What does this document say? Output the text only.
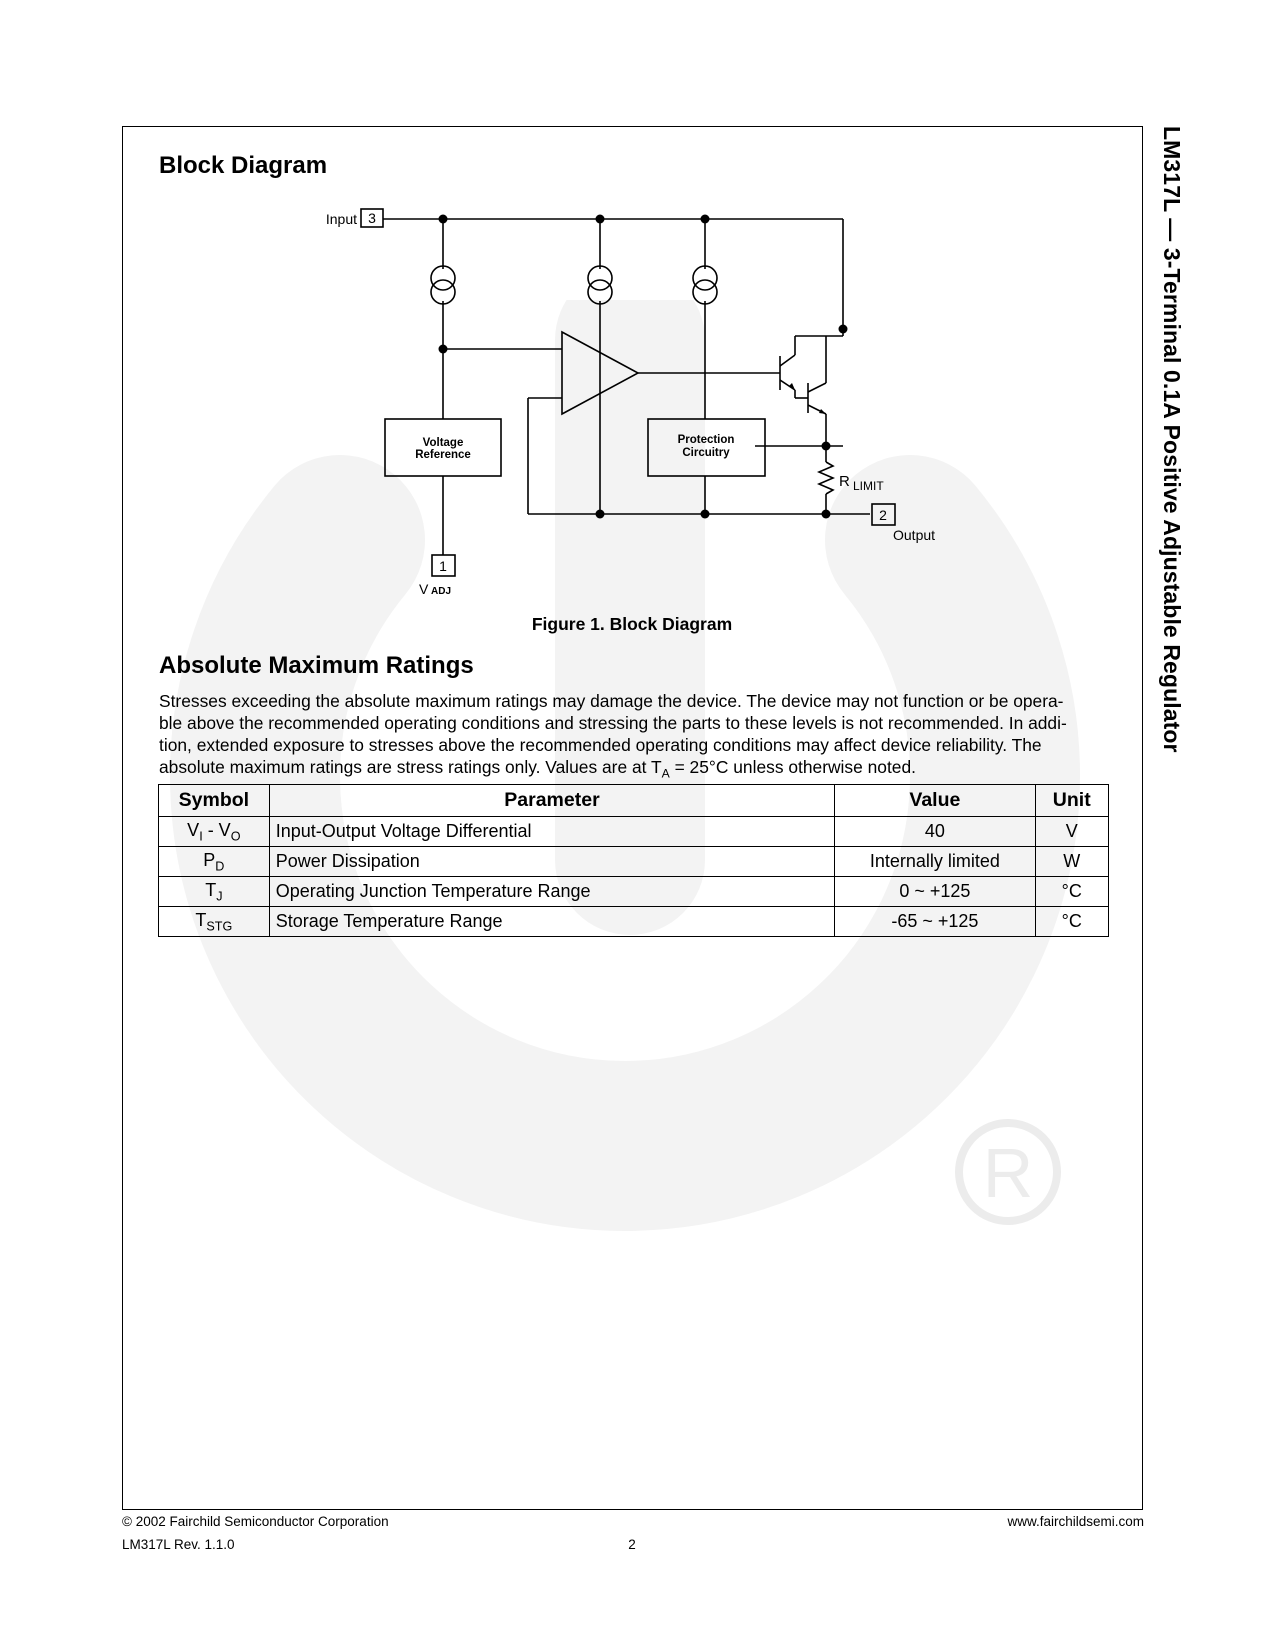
R
LM317L — 3-Terminal 0.1A Positive Adjustable Regulator
Block Diagram
Input 3
1
2
Output
V ADJ
Voltage
Reference
Protection
Circuitry
R LIMIT
Figure 1. Block Diagram
Absolute Maximum Ratings
Stresses exceeding the absolute maximum ratings may damage the device. The device may not function or be opera-
ble above the recommended operating conditions and stressing the parts to these levels is not recommended. In addi-
tion, extended exposure to stresses above the recommended operating conditions may affect device reliability. The
absolute maximum ratings are stress ratings only. Values are at $T_A = 25^\circ C$ unless otherwise noted.
Symbol	Parameter	Value	Unit
$V_I - V_O$	Input-Output Voltage Differential	40	V
$P_D$	Power Dissipation	Internally limited	W
$T_J$	Operating Junction Temperature Range	0 ~ +125	°C
$T_{STG}$	Storage Temperature Range	-65 ~ +125	°C
© 2002 Fairchild Semiconductor Corporation	www.fairchildsemi.com
LM317L Rev. 1.1.0	2
